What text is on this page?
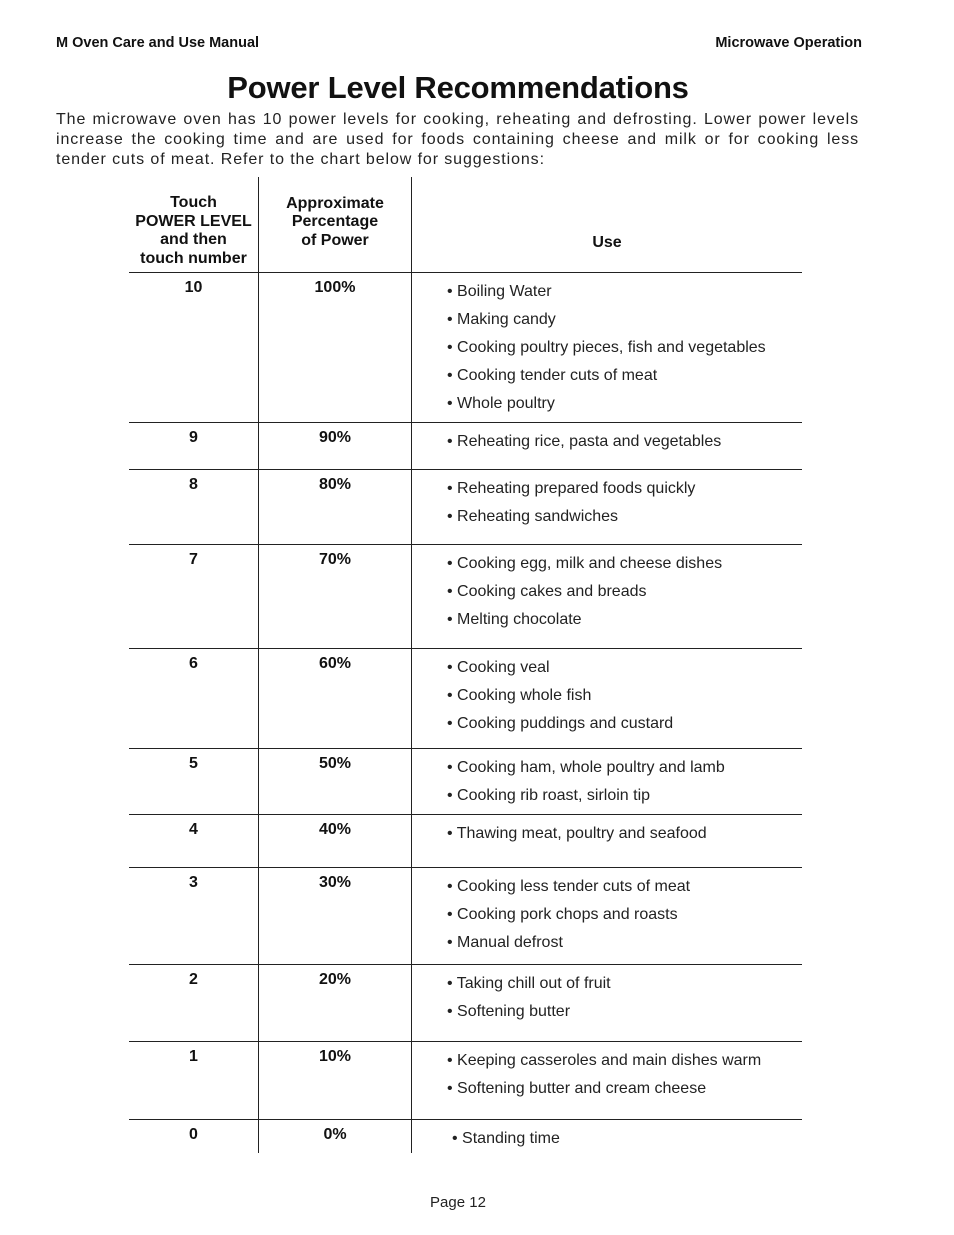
M Oven Care and Use Manual	Microwave Operation
Power Level Recommendations
The microwave oven has 10 power levels for cooking, reheating and defrosting. Lower power levels increase the cooking time and are used for foods containing cheese and milk or for cooking less tender cuts of meat. Refer to the chart below for suggestions:
Touch
POWER LEVEL
and then
touch number
Approximate
Percentage
of Power	Use
10	100%	• Boiling Water
• Making candy
• Cooking poultry pieces, fish and vegetables
• Cooking tender cuts of meat
• Whole poultry
9	90%	• Reheating rice, pasta and vegetables
8	80%	• Reheating prepared foods quickly
• Reheating sandwiches
7	70%	• Cooking egg, milk and cheese dishes
• Cooking cakes and breads
• Melting chocolate
6	60%	• Cooking veal
• Cooking whole fish
• Cooking puddings and custard
5	50%	• Cooking ham, whole poultry and lamb
• Cooking rib roast, sirloin tip
4	40%	• Thawing meat, poultry and seafood
3	30%	• Cooking less tender cuts of meat
• Cooking pork chops and roasts
• Manual defrost
2	20%	• Taking chill out of fruit
• Softening butter
1	10%	• Keeping casseroles and main dishes warm
• Softening butter and cream cheese
0	0%	• Standing time
Page 12
